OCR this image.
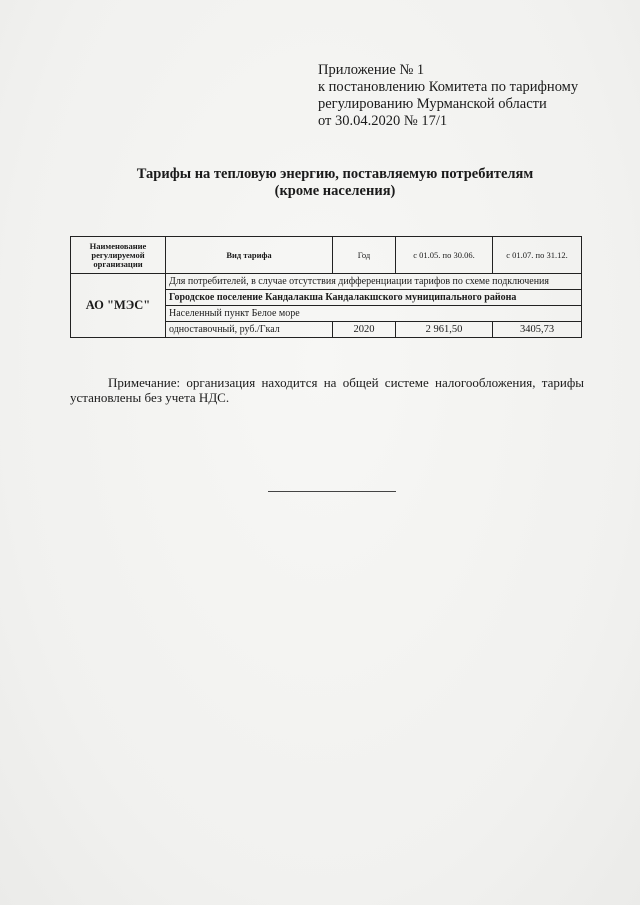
Приложение № 1
к постановлению Комитета по тарифному
регулированию Мурманской области
от 30.04.2020 № 17/1
Тарифы на тепловую энергию, поставляемую потребителям
(кроме населения)
Наименование регулируемой организации	Вид тарифа	Год	с 01.05. по 30.06.	с 01.07. по 31.12.
АО "МЭС"	Для потребителей, в случае отсутствия дифференциации тарифов по схеме подключения			
	Городское поселение Кандалакша Кандалакшского муниципального района			
	Населенный пункт Белое море			
	одноставочный, руб./Гкал	2020	2 961,50	3405,73

Примечание: организация находится на общей системе налогообложения, тарифы установлены без учета НДС.
